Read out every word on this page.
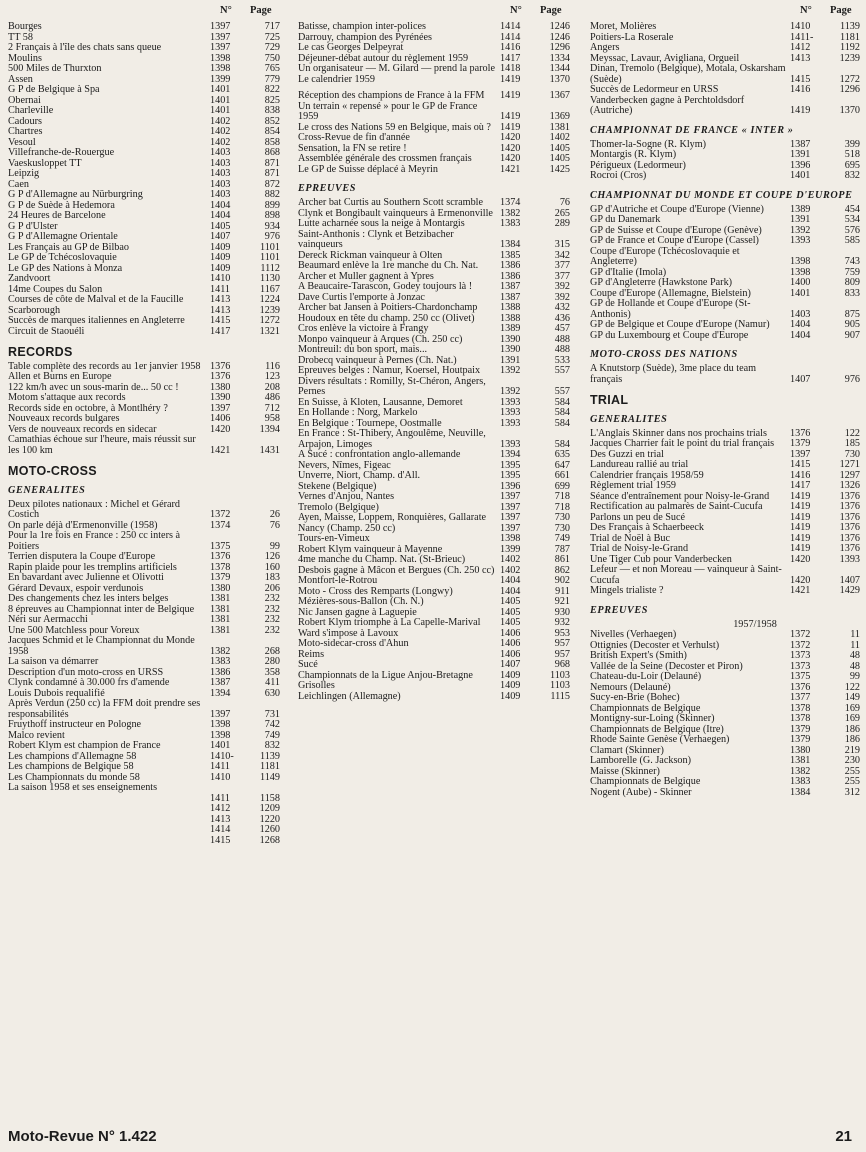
N°	Page
Bourges	1397	717
TT 58	1397	725
2 Français à l'île des chats sans queue	1397	729
Moulins	1398	750
500 Miles de Thurxton	1398	765
Assen	1399	779
G P de Belgique à Spa	1401	822
Obernai	1401	825
Charleville	1401	838
Cadours	1402	852
Chartres	1402	854
Vesoul	1402	858
Villefranche-de-Rouergue	1403	868
Vaeskusloppet TT	1403	871
Leipzig	1403	871
Caen	1403	872
G P d'Allemagne au Nürburgring	1403	882
G P de Suède à Hedemora	1404	899
24 Heures de Barcelone	1404	898
G P d'Ulster	1405	934
G P d'Allemagne Orientale	1407	976
Les Français au GP de Bilbao	1409	1101
Le GP de Tchécoslovaquie	1409	1101
Le GP des Nations à Monza	1409	1112
Zandvoort	1410	1130
14me Coupes du Salon	1411	1167
Courses de côte de Malval et de la Faucille	1413	1224
Scarborough	1413	1239
Succès de marques italiennes en Angleterre	1415	1272
Circuit de Staouéli	1417	1321
RECORDS
Table complète des records au 1er janvier 1958 1376	116
Allen et Burns en Europe	1376	123
122 km/h avec un sous-marin de... 50 cc !	1380	208
Motom s'attaque aux records	1390	486
Records side en octobre, à Montlhéry ?	1397	712
Nouveaux records bulgares	1406	958
Vers de nouveaux records en sidecar	1420	1394
Camathias échoue sur l'heure, mais réussit sur les 100 km	1421	1431
MOTO-CROSS
GENERALITES
Deux pilotes nationaux : Michel et Gérard Costich	1372	26
On parle déjà d'Ermenonville (1958)	1374	76
Pour la 1re fois en France : 250 cc inters à Poitiers	1375	99
Terrien disputera la Coupe d'Europe	1376	126
Rapin plaide pour les tremplins artificiels	1378	160
En bavardant avec Julienne et Olivotti	1379	183
Gérard Devaux, espoir verdunois	1380	206
Des changements chez les inters belges	1381	232
8 épreuves au Championnat inter de Belgique	1381	232
Néri sur Aermacchi	1381	232
Une 500 Matchless pour Voreux	1381	232
Jacques Schmid et le Championnat du Monde 1958	1382	268
La saison va démarrer	1383	280
Description d'un moto-cross en URSS	1386	358
Clynk condamné à 30.000 frs d'amende	1387	411
Louis Dubois requalifié	1394	630
Après Verdun (250 cc) la FFM doit prendre ses responsabilités	1397	731
Fruythoff instructeur en Pologne	1398	742
Malco revient	1398	749
Robert Klym est champion de France	1401	832
Les champions d'Allemagne 58	1410-	1139
Les champions de Belgique 58	1411	1181
Les Championnats du monde 58	1410	1149
La saison 1958 et ses enseignements
1411	1158
1412	1209
1413	1220
1414	1260
1415	1268
N°	Page
Batisse, champion inter-polices	1414	1246
Darrouy, champion des Pyrénées	1414	1246
Le cas Georges Delpeyrat	1416	1296
Déjeuner-débat autour du règlement 1959	1417	1334
Un organisateur — M. Gilard — prend la parole 1418	1344
Le calendrier 1959	1419	1370
Réception des champions de France à la FFM	1419	1367
Un terrain « repensé » pour le GP de France 1959	1419	1369
Le cross des Nations 59 en Belgique, mais où ? 1419	1381
Cross-Revue de fin d'année	1420	1402
Sensation, la FN se retire !	1420	1405
Assemblée générale des crossmen français	1420	1405
Le GP de Suisse déplacé à Meyrin	1421	1425
EPREUVES
Archer bat Curtis au Southern Scott scramble	1374	76
Clynk et Bongibault vainqueurs à Ermenonville 1382	265
Lutte acharnée sous la neige à Montargis	1383	289
Saint-Anthonis : Clynk et Betzibacher vainqueurs	1384	315
Dereck Rickman vainqueur à Olten	1385	342
Beaumard enlève la 1re manche du Ch. Nat.	1386	377
Archer et Muller gagnent à Ypres	1386	377
A Beaucaire-Tarascon, Godey toujours là !	1387	392
Dave Curtis l'emporte à Jonzac	1387	392
Archer bat Jansen à Poitiers-Chardonchamp	1388	432
Houdoux en tête du champ. 250 cc (Olivet)	1388	436
Cros enlève la victoire à Frangy	1389	457
Monpo vainqueur à Arques (Ch. 250 cc)	1390	488
Montreuil: du bon sport, mais...	1390	488
Drobecq vainqueur à Pernes (Ch. Nat.)	1391	533
Epreuves belges : Namur, Koersel, Houtpaix	1392	557
Divers résultats : Romilly, St-Chéron, Angers, Pernes	1392	557
En Suisse, à Kloten, Lausanne, Demoret	1393	584
En Hollande : Norg, Markelo	1393	584
En Belgique : Tournepe, Oostmalle	1393	584
En France : St-Thibery, Angoulême, Neuville, Arpajon, Limoges	1393	584
A Sucé : confrontation anglo-allemande	1394	635
Nevers, Nîmes, Figeac	1395	647
Unverre, Niort, Champ. d'All.	1395	661
Stekene (Belgique)	1396	699
Vernes d'Anjou, Nantes	1397	718
Tremolo (Belgique)	1397	718
Ayen, Maisse, Loppem, Ronquières, Gallarate	1397	730
Nancy (Champ. 250 cc)	1397	730
Tours-en-Vimeux	1398	749
Robert Klym vainqueur à Mayenne	1399	787
4me manche du Champ. Nat. (St-Brieuc)	1402	861
Desbois gagne à Mâcon et Bergues (Ch. 250 cc) 1402	862
Montfort-le-Rotrou	1404	902
Moto - Cross des Remparts (Longwy)	1404	911
Mézières-sous-Ballon (Ch. N.)	1405	921
Nic Jansen gagne à Laguepie	1405	930
Robert Klym triomphe à La Capelle-Marival	1405	932
Ward s'impose à Lavoux	1406	953
Moto-sidecar-cross d'Ahun	1406	957
Reims	1406	957
Sucé	1407	968
Championnats de la Ligue Anjou-Bretagne	1409	1103
Grisolles	1409	1103
Leichlingen (Allemagne)	1409	1115
N°	Page
Moret, Molières	1410	1139
Poitiers-La Roserale	1411-	1181
Angers	1412	1192
Meyssac, Lavaur, Avigliana, Orgueil	1413	1239
Dinan, Tremolo (Belgique), Motala, Oskarsham (Suède)	1415	1272
Succès de Ledormeur en URSS	1416	1296
Vanderbecken gagne à Perchtoldsdorf (Autriche)	1419	1370
CHAMPIONNAT DE FRANCE « INTER »
Thomer-la-Sogne (R. Klym)	1387	399
Montargis (R. Klym)	1391	518
Périgueux (Ledormeur)	1396	695
Rocroi (Cros)	1401	832
CHAMPIONNAT DU MONDE ET COUPE D'EUROPE
GP d'Autriche et Coupe d'Europe (Vienne)	1389	454
GP du Danemark	1391	534
GP de Suisse et Coupe d'Europe (Genève)	1392	576
GP de France et Coupe d'Europe (Cassel)	1393	585
Coupe d'Europe (Tchécoslovaquie et Angleterre)	1398	743
GP d'Italie (Imola)	1398	759
GP d'Angleterre (Hawkstone Park)	1400	809
Coupe d'Europe (Allemagne, Bielstein)	1401	833
GP de Hollande et Coupe d'Europe (St-Anthonis)	1403	875
GP de Belgique et Coupe d'Europe (Namur)	1404	905
GP du Luxembourg et Coupe d'Europe	1404	907
MOTO-CROSS DES NATIONS
A Knutstorp (Suède), 3me place du team français	1407	976
TRIAL
GENERALITES
L'Anglais Skinner dans nos prochains trials	1376	122
Jacques Charrier fait le point du trial français	1379	185
Des Guzzi en trial	1397	730
Landureau rallié au trial	1415	1271
Calendrier français 1958/59	1416	1297
Règlement trial 1959	1417	1326
Séance d'entraînement pour Noisy-le-Grand	1419	1376
Rectification au palmarès de Saint-Cucufa	1419	1376
Parlons un peu de Sucé	1419	1376
Des Français à Schaerbeeck	1419	1376
Trial de Noël à Buc	1419	1376
Trial de Noisy-le-Grand	1419	1376
Une Tiger Cub pour Vanderbecken	1420	1393
Lefeur — et non Moreau — vainqueur à Saint-Cucufa	1420	1407
Mingels trialiste ?	1421	1429
EPREUVES
1957/1958
Nivelles (Verhaegen)	1372	11
Ottignies (Decoster et Verhulst)	1372	11
British Expert's (Smith)	1373	48
Vallée de la Seine (Decoster et Piron)	1373	48
Chateau-du-Loir (Delauné)	1375	99
Nemours (Delauné)	1376	122
Sucy-en-Brie (Bohec)	1377	149
Championnats de Belgique	1378	169
Montigny-sur-Loing (Skinner)	1378	169
Championnats de Belgique (Itre)	1379	186
Rhode Sainte Genèse (Verhaegen)	1379	186
Clamart (Skinner)	1380	219
Lamborelle (G. Jackson)	1381	230
Maisse (Skinner)	1382	255
Championnats de Belgique	1383	255
Nogent (Aube) - Skinner	1384	312
Moto-Revue N° 1.422	21
